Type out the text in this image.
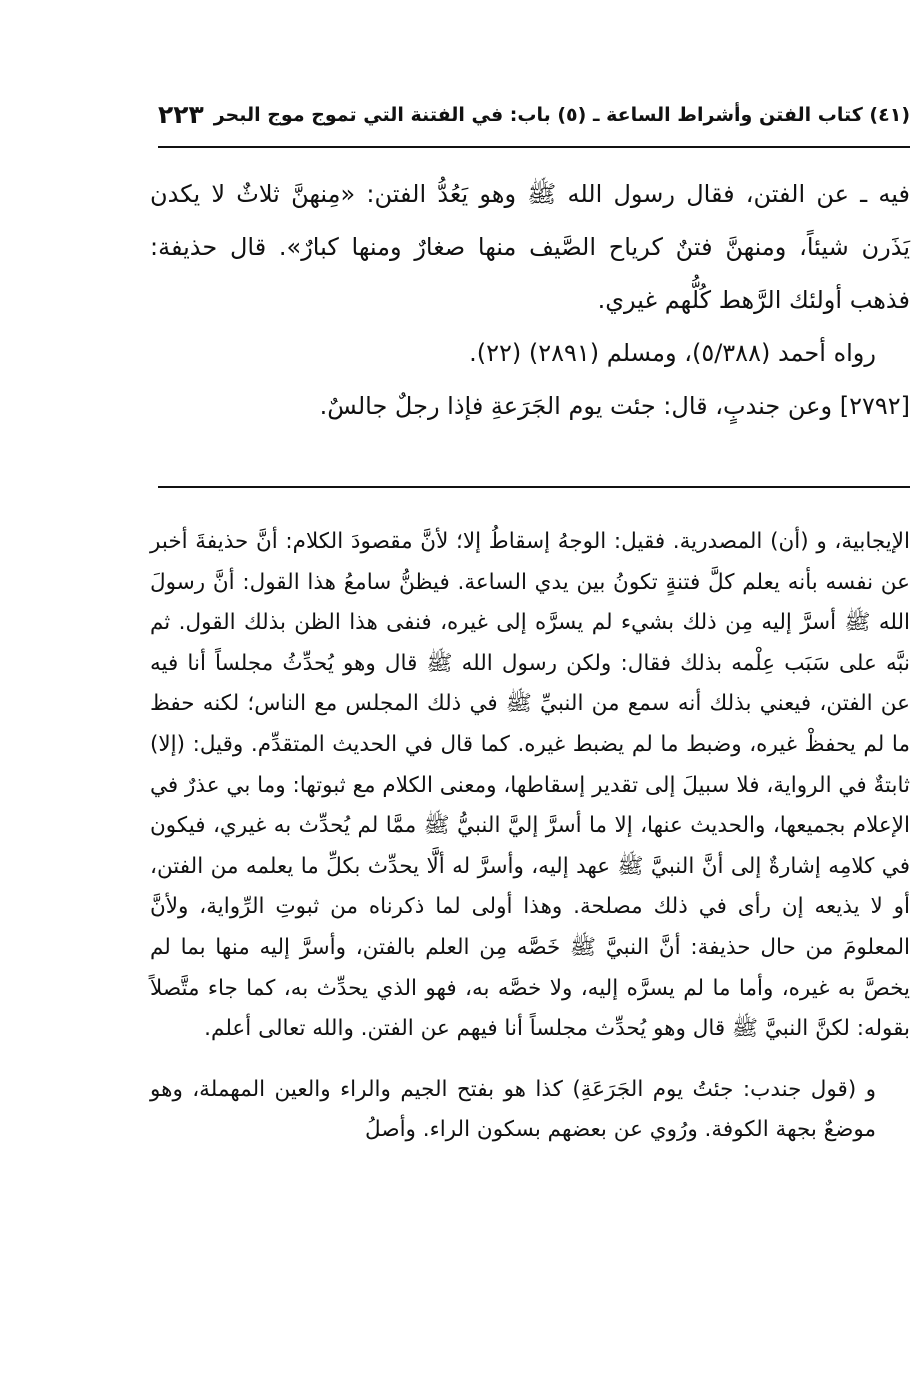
(٤١) كتاب الفتن وأشراط الساعة ـ (٥) باب: في الفتنة التي تموج موج البحر
٢٢٣

فيه ـ عن الفتن، فقال رسول الله ﷺ وهو يَعُدُّ الفتن: «مِنهنَّ ثلاثٌ لا يكدن يَذَرن شيئاً، ومنهنَّ فتنٌ كرياح الصَّيف منها صغارٌ ومنها كبارٌ». قال حذيفة: فذهب أولئك الرَّهط كُلُّهم غيري.

رواه أحمد (٥/٣٨٨)، ومسلم (٢٨٩١) (٢٢).

[٢٧٩٢] وعن جندبٍ، قال: جئت يوم الجَرَعةِ فإذا رجلٌ جالسٌ.

الإيجابية، و (أن) المصدرية. فقيل: الوجهُ إسقاطُ إلا؛ لأنَّ مقصودَ الكلام: أنَّ حذيفةَ أخبر عن نفسه بأنه يعلم كلَّ فتنةٍ تكونُ بين يدي الساعة. فيظنُّ سامعُ هذا القول: أنَّ رسولَ الله ﷺ أسرَّ إليه مِن ذلك بشيء لم يسرَّه إلى غيره، فنفى هذا الظن بذلك القول. ثم نبَّه على سَبَب عِلْمه بذلك فقال: ولكن رسول الله ﷺ قال وهو يُحدِّثُ مجلساً أنا فيه عن الفتن، فيعني بذلك أنه سمع من النبيِّ ﷺ في ذلك المجلس مع الناس؛ لكنه حفظ ما لم يحفظْ غيره، وضبط ما لم يضبط غيره. كما قال في الحديث المتقدِّم. وقيل: (إلا) ثابتةٌ في الرواية، فلا سبيلَ إلى تقدير إسقاطها، ومعنى الكلام مع ثبوتها: وما بي عذرٌ في الإعلام بجميعها، والحديث عنها، إلا ما أسرَّ إليَّ النبيُّ ﷺ ممَّا لم يُحدِّث به غيري، فيكون في كلامِه إشارةٌ إلى أنَّ النبيَّ ﷺ عهد إليه، وأسرَّ له ألَّا يحدِّث بكلِّ ما يعلمه من الفتن، أو لا يذيعه إن رأى في ذلك مصلحة. وهذا أولى لما ذكرناه من ثبوتِ الرِّواية، ولأنَّ المعلومَ من حال حذيفة: أنَّ النبيَّ ﷺ خَصَّه مِن العلم بالفتن، وأسرَّ إليه منها بما لم يخصَّ به غيره، وأما ما لم يسرَّه إليه، ولا خصَّه به، فهو الذي يحدِّث به، كما جاء متَّصلاً بقوله: لكنَّ النبيَّ ﷺ قال وهو يُحدِّث مجلساً أنا فيهم عن الفتن. والله تعالى أعلم.

و (قول جندب: جئتُ يوم الجَرَعَةِ) كذا هو بفتح الجيم والراء والعين المهملة، وهو موضعٌ بجهة الكوفة. ورُوي عن بعضهم بسكون الراء. وأصلُ
